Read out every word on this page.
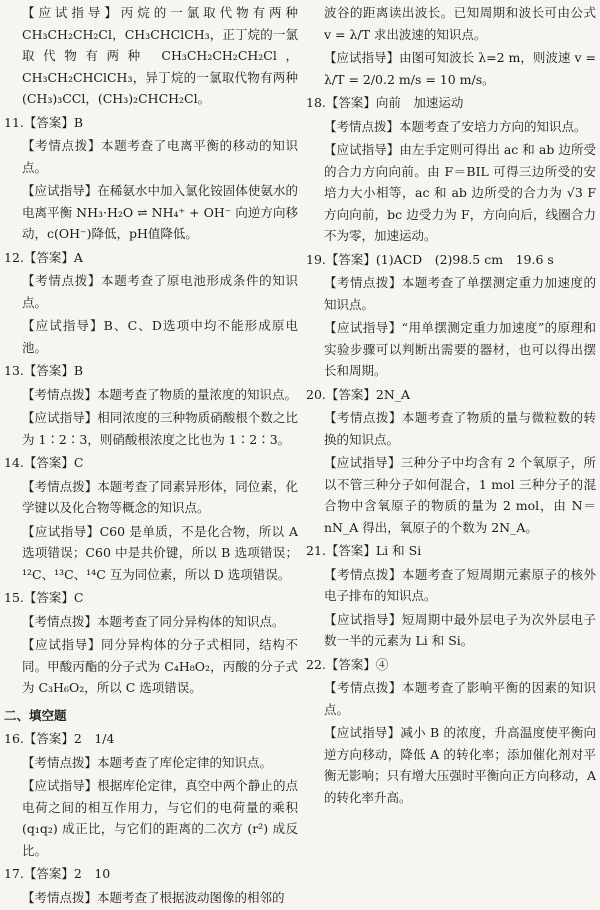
【应试指导】丙烷的一氯取代物有两种 CH₃CH₂CH₂Cl，CH₃CHClCH₃，正丁烷的一氯取代物有两种 CH₃CH₂CH₂CH₂Cl，CH₃CH₂CHClCH₃，异丁烷的一氯取代物有两种 (CH₃)₃CCl，(CH₃)₂CHCH₂Cl。

11.【答案】B

【考情点拨】本题考查了电离平衡的移动的知识点。

【应试指导】在稀氨水中加入氯化铵固体使氨水的电离平衡 NH₃·H₂O ⇌ NH₄⁺ + OH⁻ 向逆方向移动，c(OH⁻)降低，pH值降低。

12.【答案】A

【考情点拨】本题考查了原电池形成条件的知识点。

【应试指导】B、C、D选项中均不能形成原电池。

13.【答案】B

【考情点拨】本题考查了物质的量浓度的知识点。

【应试指导】相同浓度的三种物质硝酸根个数之比为 1∶2∶3，则硝酸根浓度之比也为 1∶2∶3。

14.【答案】C

【考情点拨】本题考查了同素异形体，同位素，化学键以及化合物等概念的知识点。

【应试指导】C60 是单质，不是化合物，所以 A 选项错误；C60 中是共价键，所以 B 选项错误；¹²C、¹³C、¹⁴C 互为同位素，所以 D 选项错误。

15.【答案】C

【考情点拨】本题考查了同分异构体的知识点。

【应试指导】同分异构体的分子式相同，结构不同。甲酸丙酯的分子式为 C₄H₈O₂，丙酸的分子式为 C₃H₆O₂，所以 C 选项错误。

二、填空题

16.【答案】2　1/4

【考情点拨】本题考查了库伦定律的知识点。

【应试指导】根据库伦定律，真空中两个静止的点电荷之间的相互作用力，与它们的电荷量的乘积 (q₁q₂) 成正比，与它们的距离的二次方 (r²) 成反比。

17.【答案】2　10

【考情点拨】本题考查了根据波动图像的相邻的

波谷的距离读出波长。已知周期和波长可由公式 v = λ/T 求出波速的知识点。

【应试指导】由图可知波长 λ=2 m，则波速 v = λ/T = 2/0.2 m/s = 10 m/s。

18.【答案】向前　加速运动

【考情点拨】本题考查了安培力方向的知识点。

【应试指导】由左手定则可得出 ac 和 ab 边所受的合力方向向前。由 F＝BIL 可得三边所受的安培力大小相等，ac 和 ab 边所受的合力为 √3 F 方向向前，bc 边受力为 F，方向向后，线圈合力不为零，加速运动。

19.【答案】(1)ACD　(2)98.5 cm　19.6 s

【考情点拨】本题考查了单摆测定重力加速度的知识点。

【应试指导】“用单摆测定重力加速度”的原理和实验步骤可以判断出需要的器材，也可以得出摆长和周期。

20.【答案】2N_A

【考情点拨】本题考查了物质的量与微粒数的转换的知识点。

【应试指导】三种分子中均含有 2 个氧原子，所以不管三种分子如何混合，1 mol 三种分子的混合物中含氧原子的物质的量为 2 mol，由 N＝nN_A 得出，氧原子的个数为 2N_A。

21.【答案】Li 和 Si

【考情点拨】本题考查了短周期元素原子的核外电子排布的知识点。

【应试指导】短周期中最外层电子为次外层电子数一半的元素为 Li 和 Si。

22.【答案】④

【考情点拨】本题考查了影响平衡的因素的知识点。

【应试指导】减小 B 的浓度，升高温度使平衡向逆方向移动，降低 A 的转化率；添加催化剂对平衡无影响；只有增大压强时平衡向正方向移动，A 的转化率升高。
